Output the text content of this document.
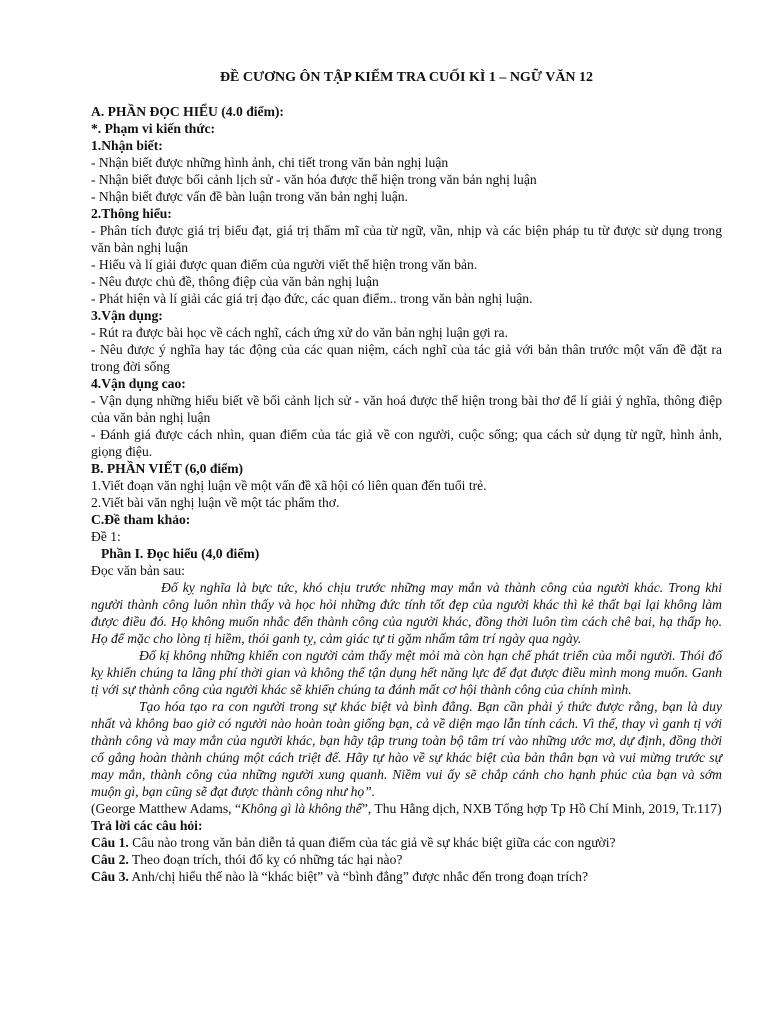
ĐỀ CƯƠNG ÔN TẬP KIỂM TRA CUỐI KÌ 1 – NGỮ VĂN 12

A. PHẦN ĐỌC HIỂU (4.0 điểm):

*. Phạm vi kiến thức:

1.Nhận biết:

- Nhận biết được những hình ảnh, chi tiết trong văn bản nghị luận

- Nhận biết được bối cảnh lịch sử - văn hóa được thể hiện trong văn bản nghị luận

- Nhận biết được vấn đề bàn luận trong văn bản nghị luận.

2.Thông hiểu:

- Phân tích được giá trị biểu đạt, giá trị thẩm mĩ của từ ngữ, vần, nhịp và các biện pháp tu từ được sử dụng trong văn bản nghị luận

- Hiểu và lí giải được quan điểm của người viết thể hiện trong văn bản.

- Nêu được chủ đề, thông điệp của văn bản nghị luận

- Phát hiện và lí giải các giá trị đạo đức, các quan điểm.. trong văn bản nghị luận.

3.Vận dụng:

- Rút ra được bài học về cách nghĩ, cách ứng xử do văn bản nghị luận gợi ra.

- Nêu được ý nghĩa hay tác động của các quan niệm, cách nghĩ của tác giả với bản thân trước một vấn đề đặt ra trong đời sống

4.Vận dụng cao:

- Vận dụng những hiểu biết về bối cảnh lịch sử - văn hoá được thể hiện trong bài thơ để lí giải ý nghĩa, thông điệp của văn bản nghị luận

- Đánh giá được cách nhìn, quan điểm của tác giả về con người, cuộc sống; qua cách sử dụng từ ngữ, hình ảnh, giọng điệu.

B. PHẦN VIẾT (6,0 điểm)

1.Viết đoạn văn nghị luận về một vấn đề xã hội có liên quan đến tuổi trẻ.

2.Viết bài văn nghị luận về một tác phẩm thơ.

C.Đề tham khảo:

Đề 1:

Phần I. Đọc hiểu (4,0 điểm)

Đọc văn bản sau:

Đố kỵ nghĩa là bực tức, khó chịu trước những may mắn và thành công của người khác. Trong khi người thành công luôn nhìn thấy và học hỏi những đức tính tốt đẹp của người khác thì kẻ thất bại lại không làm được điều đó. Họ không muốn nhắc đến thành công của người khác, đồng thời luôn tìm cách chê bai, hạ thấp họ. Họ để mặc cho lòng tị hiềm, thói ganh tỵ, cảm giác tự ti gặm nhấm tâm trí ngày qua ngày.

Đố kị không những khiến con người cảm thấy mệt mỏi mà còn hạn chế phát triển của mỗi người. Thói đố kỵ khiến chúng ta lãng phí thời gian và không thể tận dụng hết năng lực để đạt được điều mình mong muốn. Ganh tị với sự thành công của người khác sẽ khiến chúng ta đánh mất cơ hội thành công của chính mình.

Tạo hóa tạo ra con người trong sự khác biệt và bình đẳng. Bạn cần phải ý thức được rằng, bạn là duy nhất và không bao giờ có người nào hoàn toàn giống bạn, cả về diện mạo lẫn tính cách. Vì thế, thay vì ganh tị với thành công và may mắn của người khác, bạn hãy tập trung toàn bộ tâm trí vào những ước mơ, dự định, đồng thời cố gắng hoàn thành chúng một cách triệt để. Hãy tự hào về sự khác biệt của bản thân bạn và vui mừng trước sự may mắn, thành công của những người xung quanh. Niềm vui ấy sẽ chắp cánh cho hạnh phúc của bạn và sớm muộn gì, bạn cũng sẽ đạt được thành công như họ”.

(George Matthew Adams, “Không gì là không thể”, Thu Hằng dịch, NXB Tổng hợp Tp Hồ Chí Minh, 2019, Tr.117)

Trả lời các câu hỏi:

Câu 1. Câu nào trong văn bản diễn tả quan điểm của tác giả về sự khác biệt giữa các con người?

Câu 2. Theo đoạn trích, thói đố kỵ có những tác hại nào?

Câu 3. Anh/chị hiểu thế nào là “khác biệt” và “bình đẳng” được nhắc đến trong đoạn trích?
